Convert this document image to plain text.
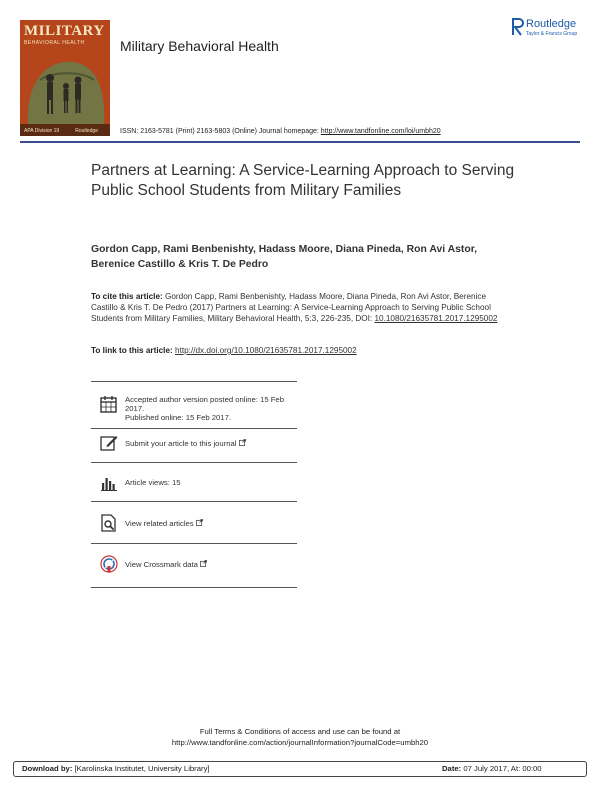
MILITARY
BEHAVIORAL HEALTH
APA Division 19	Routledge
Military Behavioral Health
Routledge
Taylor & Francis Group
ISSN: 2163-5781 (Print) 2163-5803 (Online) Journal homepage: http://www.tandfonline.com/loi/umbh20
Partners at Learning: A Service-Learning Approach to Serving Public School Students from Military Families
Gordon Capp, Rami Benbenishty, Hadass Moore, Diana Pineda, Ron Avi Astor, Berenice Castillo & Kris T. De Pedro
To cite this article: Gordon Capp, Rami Benbenishty, Hadass Moore, Diana Pineda, Ron Avi Astor, Berenice Castillo & Kris T. De Pedro (2017) Partners at Learning: A Service-Learning Approach to Serving Public School Students from Military Families, Military Behavioral Health, 5:3, 226-235, DOI: 10.1080/21635781.2017.1295002
To link to this article: http://dx.doi.org/10.1080/21635781.2017.1295002
Accepted author version posted online: 15 Feb 2017.
Published online: 15 Feb 2017.
Submit your article to this journal
Article views: 15
View related articles
View Crossmark data
Full Terms & Conditions of access and use can be found at
http://www.tandfonline.com/action/journalInformation?journalCode=umbh20
Download by: [Karolinska Institutet, University Library]	Date: 07 July 2017, At: 00:00
